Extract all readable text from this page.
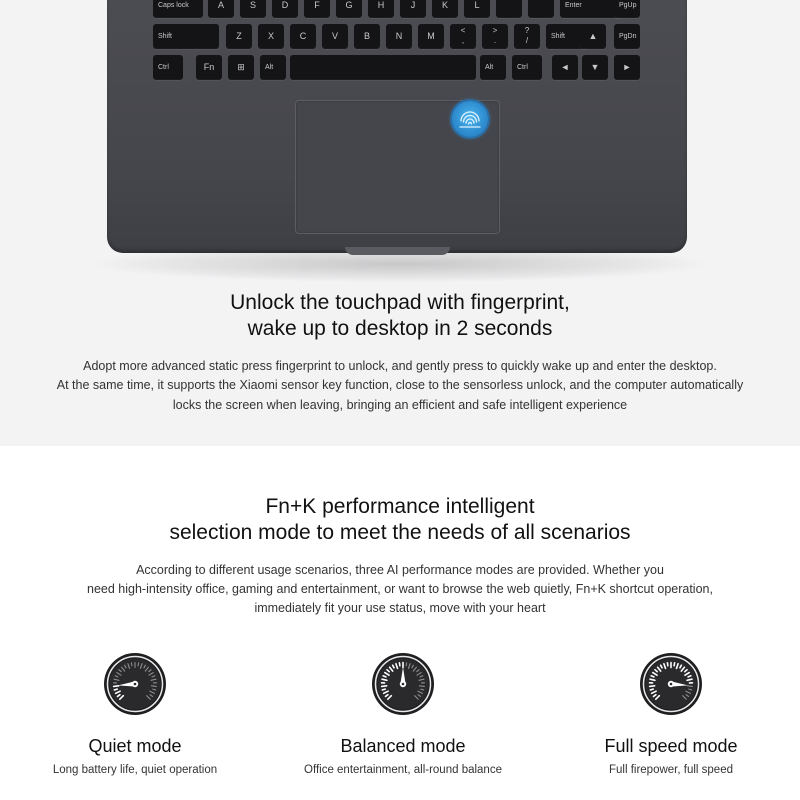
Caps lock	A	S	D	F	G	H	J	K	L	Enter	PgUp
Shift	Z	X	C	V	B	N	M
<
,
>
.
?
/	Shift	▲	PgDn
Ctrl	Fn	⊞	Alt	Alt	Ctrl	◄	▼	►
Unlock the touchpad with fingerprint,
wake up to desktop in 2 seconds
Adopt more advanced static press fingerprint to unlock, and gently press to quickly wake up and enter the desktop.
At the same time, it supports the Xiaomi sensor key function, close to the sensorless unlock, and the computer automatically
locks the screen when leaving, bringing an efficient and safe intelligent experience
Fn+K performance intelligent
selection mode to meet the needs of all scenarios
According to different usage scenarios, three AI performance modes are provided. Whether you
need high-intensity office, gaming and entertainment, or want to browse the web quietly, Fn+K shortcut operation,
immediately fit your use status, move with your heart
Quiet mode
Long battery life, quiet operation
Balanced mode
Office entertainment, all-round balance
Full speed mode
Full firepower, full speed
